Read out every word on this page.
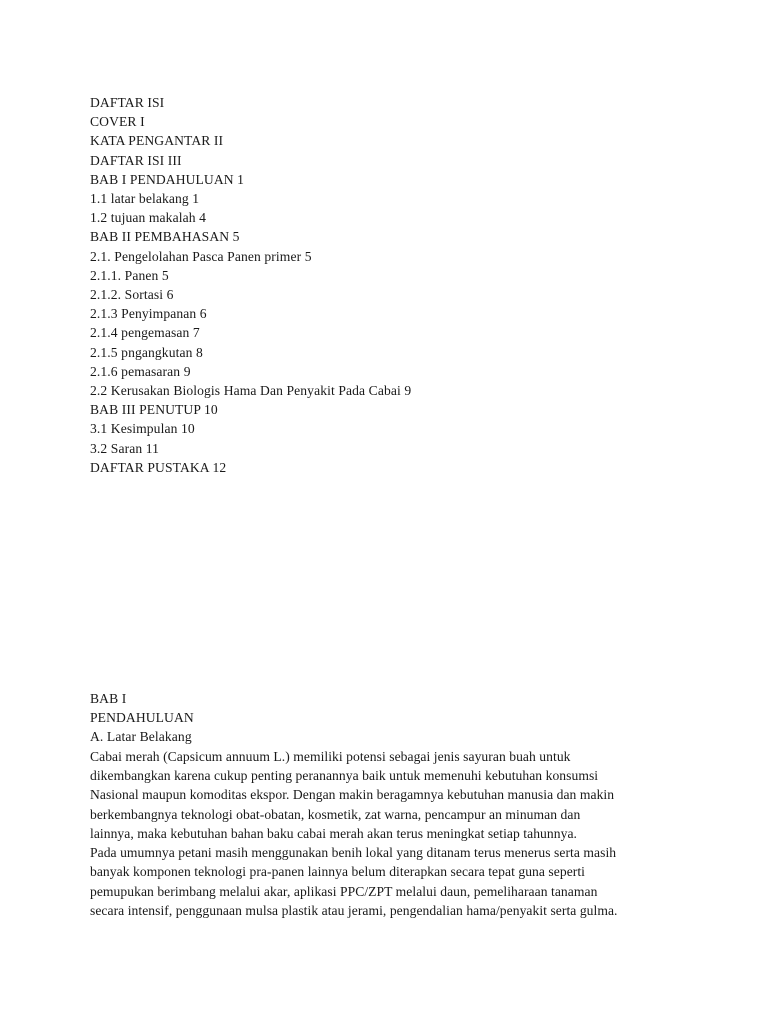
DAFTAR ISI
COVER I
KATA PENGANTAR II
DAFTAR ISI III
BAB I PENDAHULUAN 1
1.1 latar belakang 1
1.2 tujuan makalah 4
BAB II PEMBAHASAN 5
2.1. Pengelolahan Pasca Panen primer 5
2.1.1. Panen 5
2.1.2. Sortasi 6
2.1.3 Penyimpanan 6
2.1.4 pengemasan 7
2.1.5 pngangkutan 8
2.1.6 pemasaran 9
2.2 Kerusakan Biologis Hama Dan Penyakit Pada Cabai 9
BAB III PENUTUP 10
3.1 Kesimpulan 10
3.2 Saran 11
DAFTAR PUSTAKA 12
BAB I
PENDAHULUAN
A. Latar Belakang
Cabai merah (Capsicum annuum L.) memiliki potensi sebagai jenis sayuran buah untuk
dikembangkan karena cukup penting peranannya baik untuk memenuhi kebutuhan konsumsi
Nasional maupun komoditas ekspor. Dengan makin beragamnya kebutuhan manusia dan makin
berkembangnya teknologi obat-obatan, kosmetik, zat warna, pencampur an minuman dan
lainnya, maka kebutuhan bahan baku cabai merah akan terus meningkat setiap tahunnya.
Pada umumnya petani masih menggunakan benih lokal yang ditanam terus menerus serta masih
banyak komponen teknologi pra-panen lainnya belum diterapkan secara tepat guna seperti
pemupukan berimbang melalui akar, aplikasi PPC/ZPT melalui daun, pemeliharaan tanaman
secara intensif, penggunaan mulsa plastik atau jerami, pengendalian hama/penyakit serta gulma.
